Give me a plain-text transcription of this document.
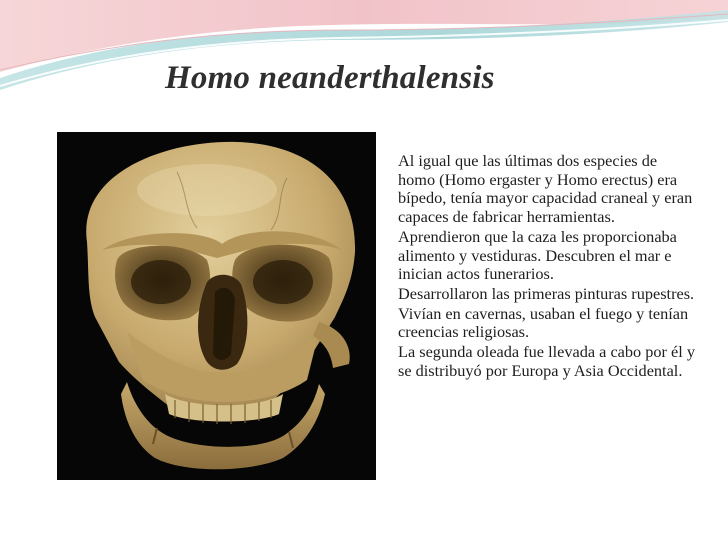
Homo neanderthalensis
Al igual que las últimas dos especies de homo (Homo ergaster y Homo erectus) era bípedo, tenía mayor capacidad craneal y eran capaces de fabricar herramientas.
Aprendieron que la caza les proporcionaba alimento y vestiduras. Descubren el mar e inician actos funerarios.
Desarrollaron las primeras pinturas rupestres.
Vivían en cavernas, usaban el fuego y tenían creencias religiosas.
La segunda oleada fue llevada a cabo por él y se distribuyó por Europa y Asia Occidental.
